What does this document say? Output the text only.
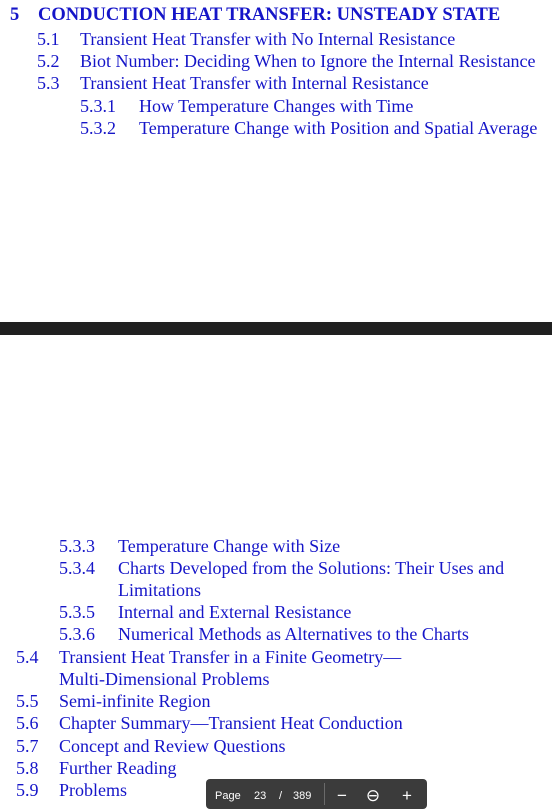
5 CONDUCTION HEAT TRANSFER: UNSTEADY STATE
5.1 Transient Heat Transfer with No Internal Resistance
5.2 Biot Number: Deciding When to Ignore the Internal Resistance
5.3 Transient Heat Transfer with Internal Resistance
5.3.1 How Temperature Changes with Time
5.3.2 Temperature Change with Position and Spatial Average
5.3.3 Temperature Change with Size
5.3.4 Charts Developed from the Solutions: Their Uses and
Limitations
5.3.5 Internal and External Resistance
5.3.6 Numerical Methods as Alternatives to the Charts
5.4 Transient Heat Transfer in a Finite Geometry—
Multi-Dimensional Problems
5.5 Semi-infinite Region
5.6 Chapter Summary—Transient Heat Conduction
5.7 Concept and Review Questions
5.8 Further Reading
5.9 Problems	Page 23 / 389	−	⊖	+
